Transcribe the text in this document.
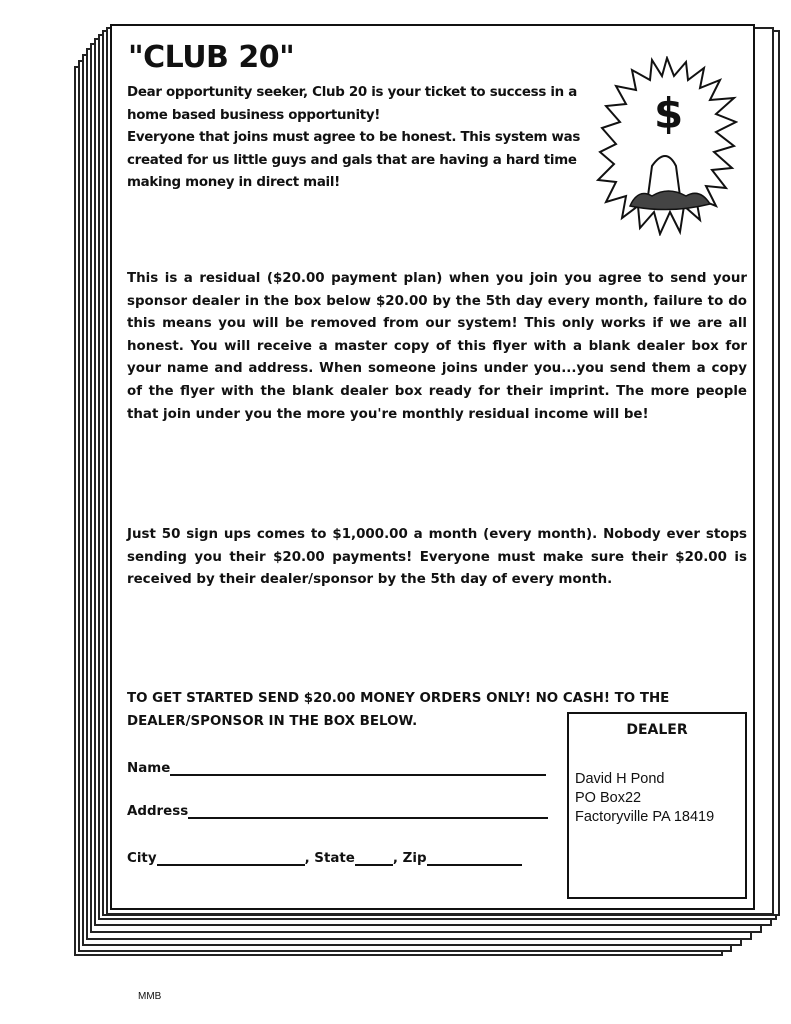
"CLUB 20"

Dear opportunity seeker, Club 20 is your ticket to success in a home based business opportunity!

Everyone that joins must agree to be honest. This system was created for us little guys and gals that are having a hard time making money in direct mail!

$
This is a residual ($20.00 payment plan) when you join you agree to send your sponsor dealer in the box below $20.00 by the 5th day every month, failure to do this means you will be removed from our system! This only works if we are all honest. You will receive a master copy of this flyer with a blank dealer box for your name and address. When someone joins under you...you send them a copy of the flyer with the blank dealer box ready for their imprint. The more people that join under you the more you're monthly residual income will be!
Just 50 sign ups comes to $1,000.00 a month (every month). Nobody ever stops sending you their $20.00 payments! Everyone must make sure their $20.00 is received by their dealer/sponsor by the 5th day of every month.
TO GET STARTED SEND $20.00 MONEY ORDERS ONLY! NO CASH! TO THE DEALER/SPONSOR IN THE BOX BELOW.
Name
Address
City	, State	, Zip
DEALER
David H Pond
PO Box22
Factoryville PA 18419
MMB
